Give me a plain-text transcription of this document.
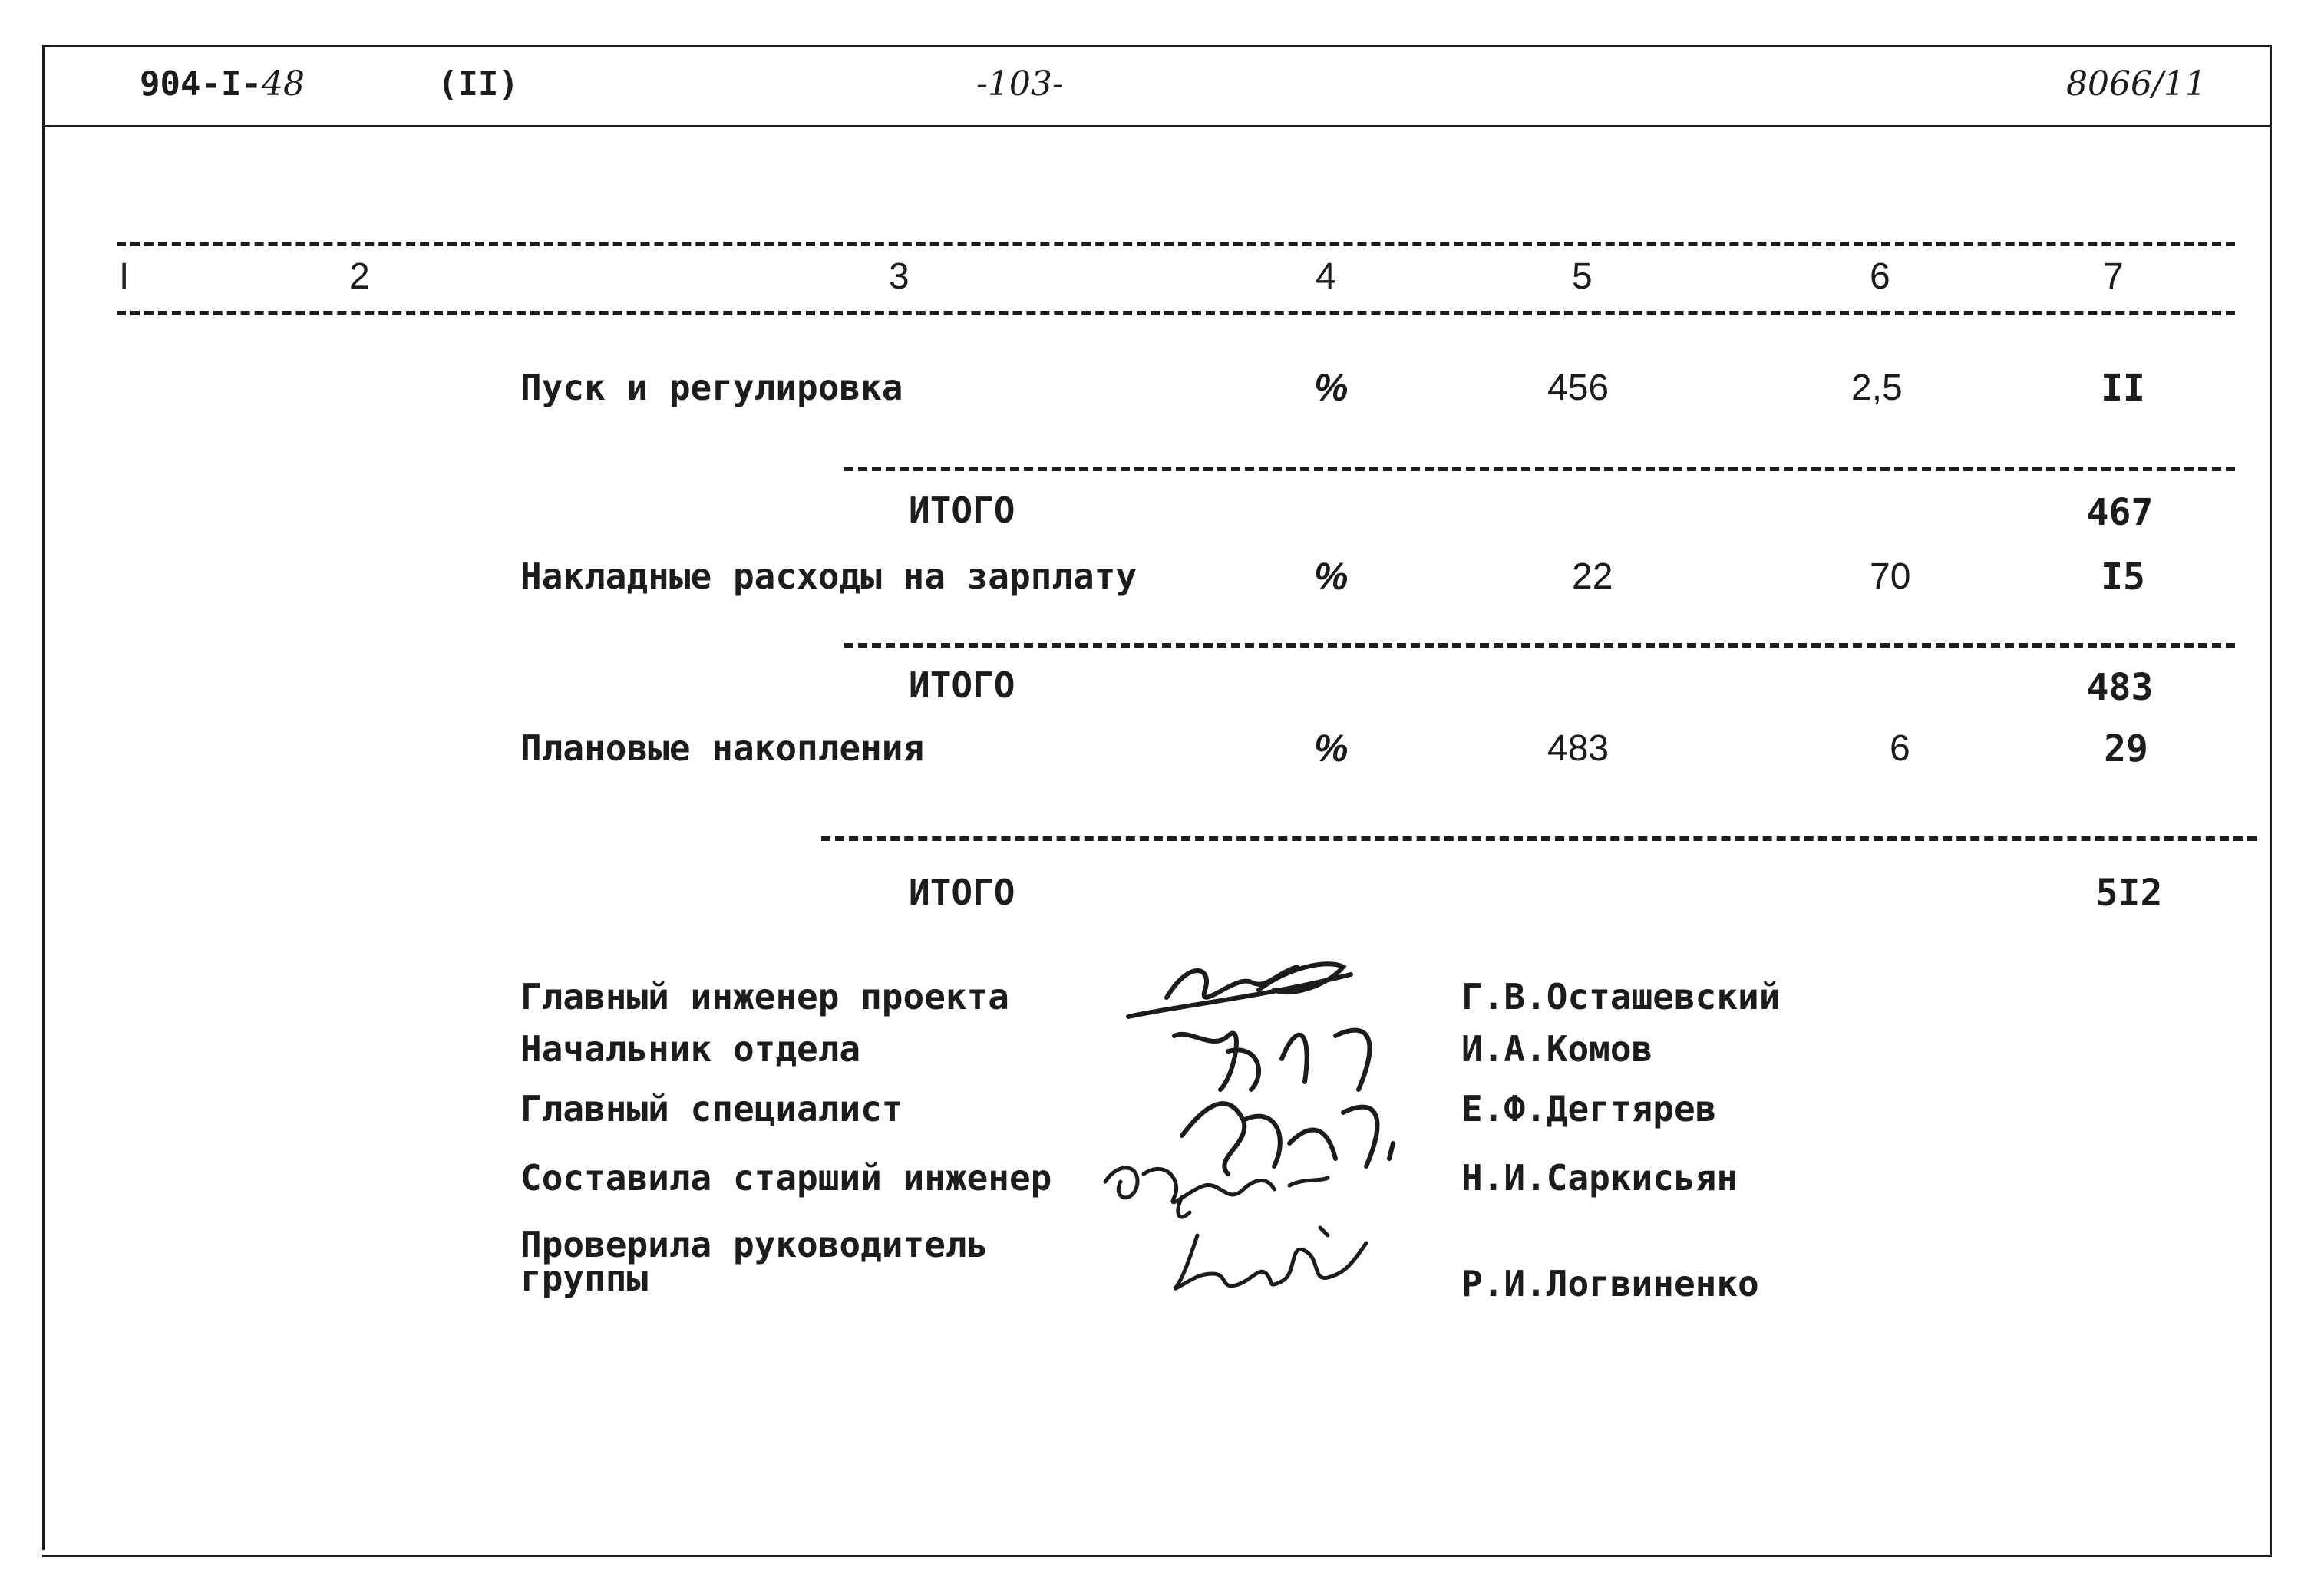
904-I-48	(II)	-103-	8066/11
I	2	3	4	5	6	7
Пуск и регулировка	%	456	2,5	II
ИТОГО	467
Накладные расходы на зарплату	%	22	70	I5
ИТОГО	483
Плановые накопления	%	483	6	29
ИТОГО	5I2
Главный инженер проекта	Г.В.Осташевский
Начальник отдела	И.А.Комов
Главный специалист	Е.Ф.Дегтярев
Составила старший инженер	Н.И.Саркисьян
Проверила руководитель
группы	Р.И.Логвиненко
